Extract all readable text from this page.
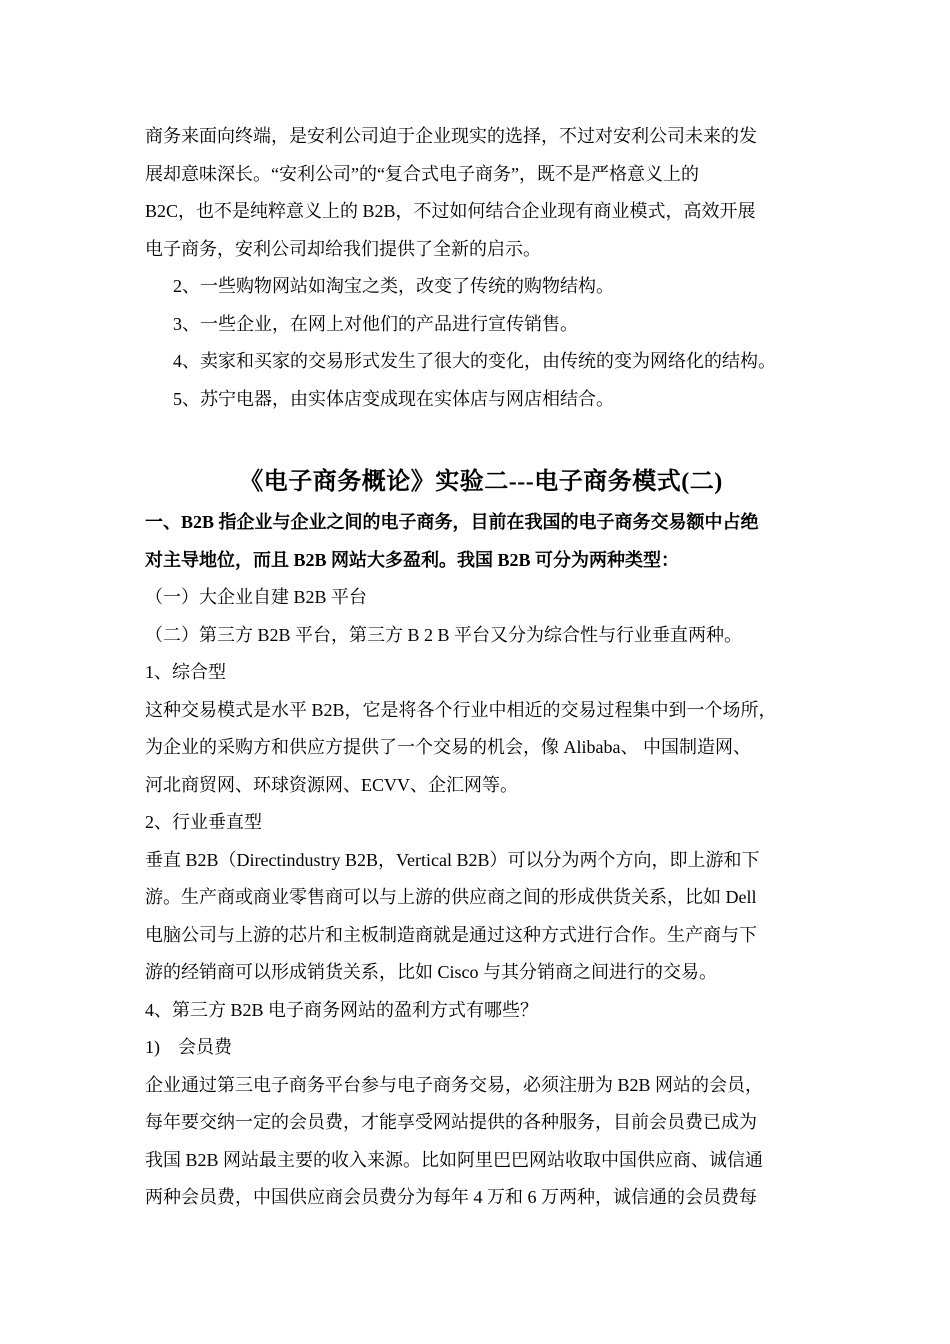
商务来面向终端，是安利公司迫于企业现实的选择，不过对安利公司未来的发

展却意味深长。“安利公司”的“复合式电子商务”，既不是严格意义上的

B2C，也不是纯粹意义上的 B2B，不过如何结合企业现有商业模式，高效开展

电子商务，安利公司却给我们提供了全新的启示。

2、一些购物网站如淘宝之类，改变了传统的购物结构。

3、一些企业，在网上对他们的产品进行宣传销售。

4、卖家和买家的交易形式发生了很大的变化，由传统的变为网络化的结构。

5、苏宁电器，由实体店变成现在实体店与网店相结合。

《电子商务概论》实验二---电子商务模式(二)

一、B2B 指企业与企业之间的电子商务，目前在我国的电子商务交易额中占绝

对主导地位，而且 B2B 网站大多盈利。我国 B2B 可分为两种类型：

（一）大企业自建 B2B 平台

（二）第三方 B2B 平台，第三方 B 2 B 平台又分为综合性与行业垂直两种。

1、综合型

这种交易模式是水平 B2B，它是将各个行业中相近的交易过程集中到一个场所，

为企业的采购方和供应方提供了一个交易的机会，像 Alibaba、 中国制造网、

河北商贸网、环球资源网、ECVV、企汇网等。

2、行业垂直型

垂直 B2B（Directindustry B2B，Vertical B2B）可以分为两个方向，即上游和下

游。生产商或商业零售商可以与上游的供应商之间的形成供货关系，比如 Dell

电脑公司与上游的芯片和主板制造商就是通过这种方式进行合作。生产商与下

游的经销商可以形成销货关系，比如 Cisco 与其分销商之间进行的交易。

4、第三方 B2B 电子商务网站的盈利方式有哪些？

1)    会员费

企业通过第三电子商务平台参与电子商务交易，必须注册为 B2B 网站的会员，

每年要交纳一定的会员费，才能享受网站提供的各种服务，目前会员费已成为

我国 B2B 网站最主要的收入来源。比如阿里巴巴网站收取中国供应商、诚信通

两种会员费，中国供应商会员费分为每年 4 万和 6 万两种，诚信通的会员费每
